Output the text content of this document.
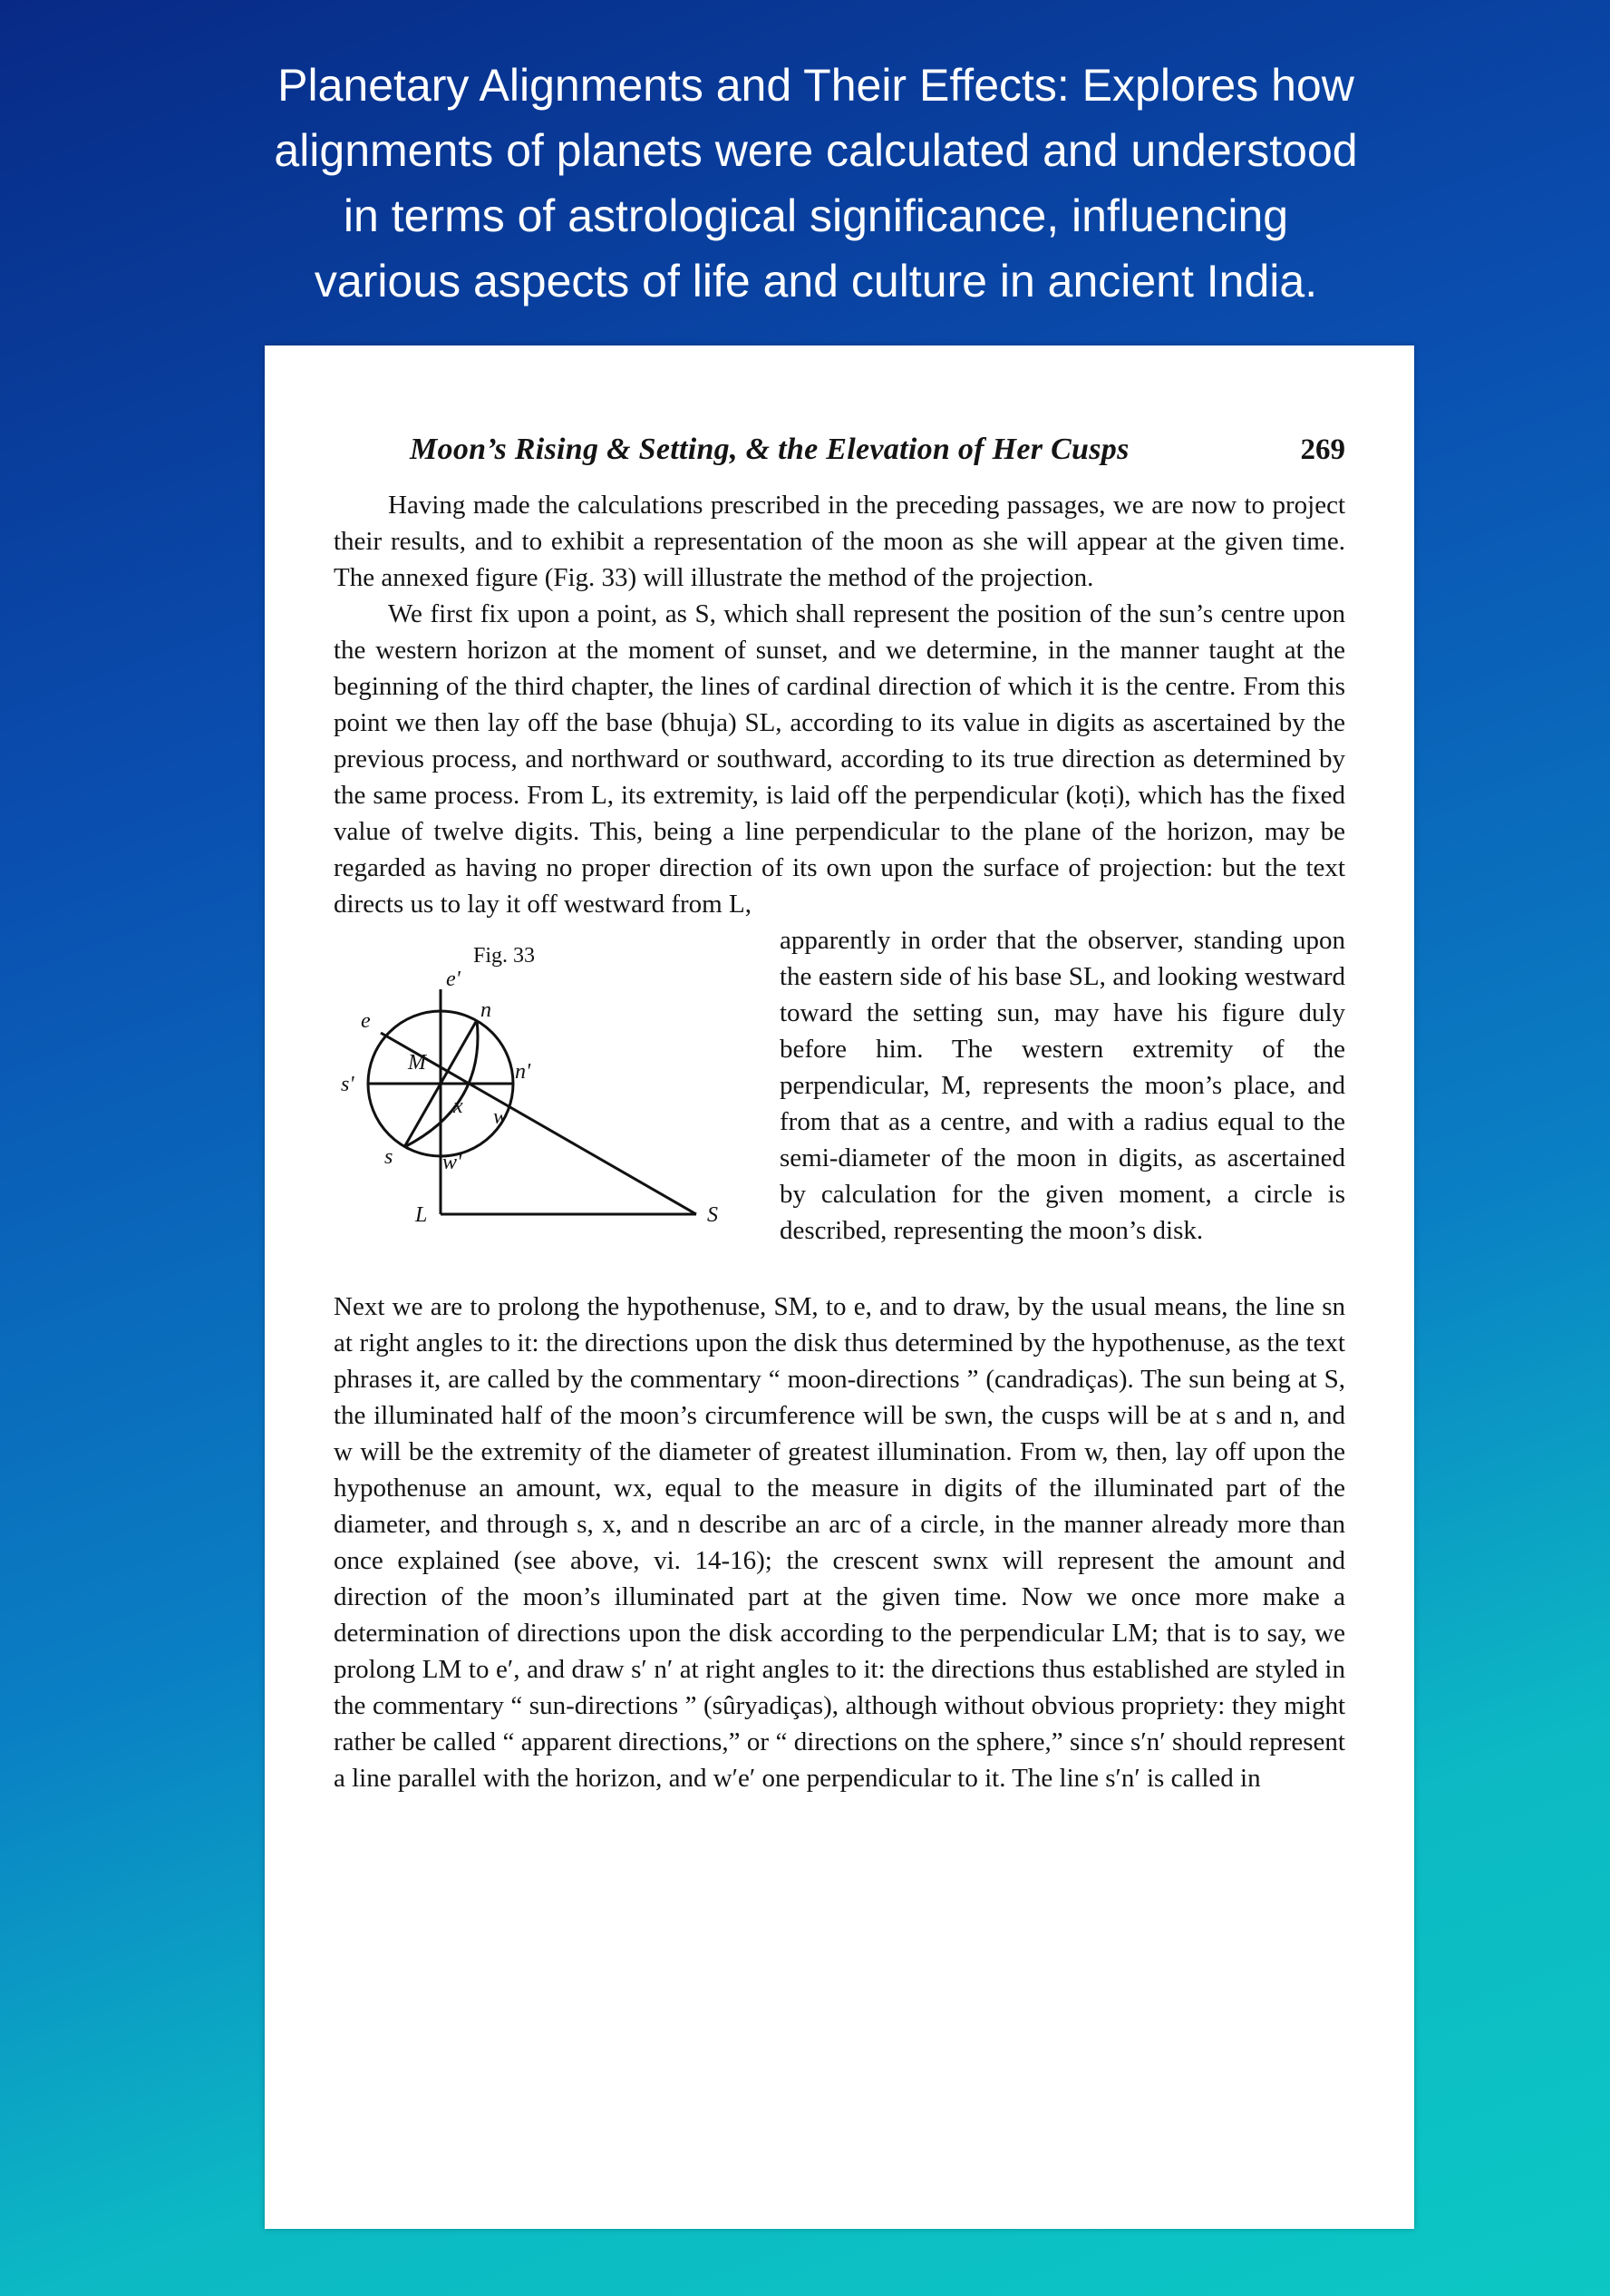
Planetary Alignments and Their Effects: Explores how alignments of planets were calculated and understood in terms of astrological significance, influencing various aspects of life and culture in ancient India.
Moon’s Rising & Setting, & the Elevation of Her Cusps	269

Having made the calculations prescribed in the preceding passages, we are now to project their results, and to exhibit a representation of the moon as she will appear at the given time. The annexed figure (Fig. 33) will illustrate the method of the projection.

We first fix upon a point, as S, which shall represent the position of the sun’s centre upon the western horizon at the moment of sunset, and we determine, in the manner taught at the beginning of the third chapter, the lines of cardinal direction of which it is the centre. From this point we then lay off the base (bhuja) SL, according to its value in digits as ascertained by the previous process, and northward or southward, according to its true direction as determined by the same process. From L, its extremity, is laid off the perpendicular (koṭi), which has the fixed value of twelve digits. This, being a line perpendicular to the plane of the horizon, may be regarded as having no proper direction of its own upon the surface of projection: but the text directs us to lay it off westward from L,

Fig. 33
e'
e
s'
M
n
n'
x w
s w'
L	S

apparently in order that the observer, standing upon the eastern side of his base SL, and looking westward toward the setting sun, may have his figure duly before him. The western extremity of the perpendicular, M, represents the moon’s place, and from that as a centre, and with a radius equal to the semi-diameter of the moon in digits, as ascertained by calculation for the given moment, a circle is described, representing the moon’s disk.

Next we are to prolong the hypothenuse, SM, to e, and to draw, by the usual means, the line sn at right angles to it: the directions upon the disk thus determined by the hypothenuse, as the text phrases it, are called by the commentary “ moon-directions ” (candradiças). The sun being at S, the illuminated half of the moon’s circumference will be swn, the cusps will be at s and n, and w will be the extremity of the diameter of greatest illumination. From w, then, lay off upon the hypothenuse an amount, wx, equal to the measure in digits of the illuminated part of the diameter, and through s, x, and n describe an arc of a circle, in the manner already more than once explained (see above, vi. 14-16); the crescent swnx will represent the amount and direction of the moon’s illuminated part at the given time. Now we once more make a determination of directions upon the disk according to the perpendicular LM; that is to say, we prolong LM to e′, and draw s′ n′ at right angles to it: the directions thus established are styled in the commentary “ sun-directions ” (sûryadiças), although without obvious propriety: they might rather be called “ apparent directions,” or “ directions on the sphere,” since s′n′ should represent a line parallel with the horizon, and w′e′ one perpendicular to it. The line s′n′ is called in
